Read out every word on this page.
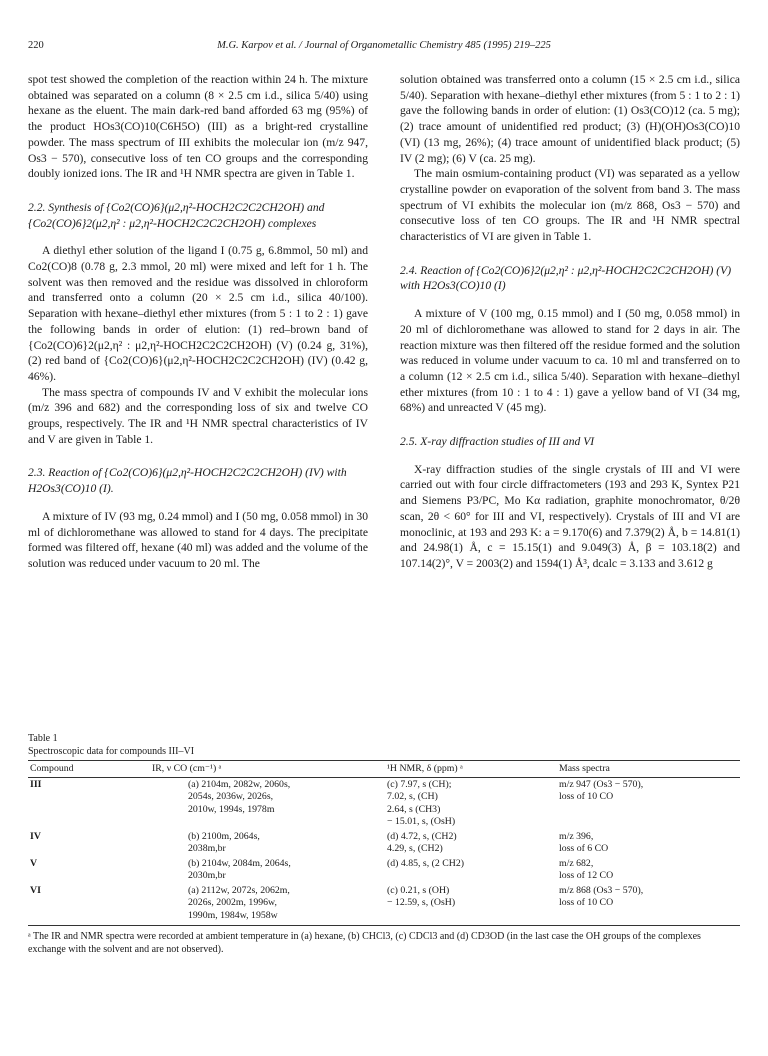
220	M.G. Karpov et al. / Journal of Organometallic Chemistry 485 (1995) 219–225

spot test showed the completion of the reaction within 24 h. The mixture obtained was separated on a column (8 × 2.5 cm i.d., silica 5/40) using hexane as the eluent. The main dark-red band afforded 63 mg (95%) of the product HOs3(CO)10(C6H5O) (III) as a bright-red crystalline powder. The mass spectrum of III exhibits the molecular ion (m/z 947, Os3 − 570), consecutive loss of ten CO groups and the corresponding doubly ionized ions. The IR and ¹H NMR spectra are given in Table 1.

2.2. Synthesis of {Co2(CO)6}(μ2,η²-HOCH2C2C2CH2OH) and {Co2(CO)6}2(μ2,η² : μ2,η²-HOCH2C2C2CH2OH) complexes

A diethyl ether solution of the ligand I (0.75 g, 6.8mmol, 50 ml) and Co2(CO)8 (0.78 g, 2.3 mmol, 20 ml) were mixed and left for 1 h. The solvent was then removed and the residue was dissolved in chloroform and transferred onto a column (20 × 2.5 cm i.d., silica 40/100). Separation with hexane–diethyl ether mixtures (from 5 : 1 to 2 : 1) gave the following bands in order of elution: (1) red–brown band of {Co2(CO)6}2(μ2,η² : μ2,η²-HOCH2C2C2CH2OH) (V) (0.24 g, 31%), (2) red band of {Co2(CO)6}(μ2,η²-HOCH2C2C2CH2OH) (IV) (0.42 g, 46%).

The mass spectra of compounds IV and V exhibit the molecular ions (m/z 396 and 682) and the corresponding loss of six and twelve CO groups, respectively. The IR and ¹H NMR spectral characteristics of IV and V are given in Table 1.

2.3. Reaction of {Co2(CO)6}(μ2,η²-HOCH2C2C2CH2OH) (IV) with H2Os3(CO)10 (I).

A mixture of IV (93 mg, 0.24 mmol) and I (50 mg, 0.058 mmol) in 30 ml of dichloromethane was allowed to stand for 4 days. The precipitate formed was filtered off, hexane (40 ml) was added and the volume of the solution was reduced under vacuum to 20 ml. The

solution obtained was transferred onto a column (15 × 2.5 cm i.d., silica 5/40). Separation with hexane–diethyl ether mixtures (from 5 : 1 to 2 : 1) gave the following bands in order of elution: (1) Os3(CO)12 (ca. 5 mg); (2) trace amount of unidentified red product; (3) (H)(OH)Os3(CO)10 (VI) (13 mg, 26%); (4) trace amount of unidentified black product; (5) IV (2 mg); (6) V (ca. 25 mg).

The main osmium-containing product (VI) was separated as a yellow crystalline powder on evaporation of the solvent from band 3. The mass spectrum of VI exhibits the molecular ion (m/z 868, Os3 − 570) and consecutive loss of ten CO groups. The IR and ¹H NMR spectral characteristics of VI are given in Table 1.

2.4. Reaction of {Co2(CO)6}2(μ2,η² : μ2,η²-HOCH2C2C2CH2OH) (V) with H2Os3(CO)10 (I)

A mixture of V (100 mg, 0.15 mmol) and I (50 mg, 0.058 mmol) in 20 ml of dichloromethane was allowed to stand for 2 days in air. The reaction mixture was then filtered off the residue formed and the solution was reduced in volume under vacuum to ca. 10 ml and transferred on to a column (12 × 2.5 cm i.d., silica 5/40). Separation with hexane–diethyl ether mixtures (from 10 : 1 to 4 : 1) gave a yellow band of VI (34 mg, 68%) and unreacted V (45 mg).

2.5. X-ray diffraction studies of III and VI

X-ray diffraction studies of the single crystals of III and VI were carried out with four circle diffractometers (193 and 293 K, Syntex P21 and Siemens P3/PC, Mo Kα radiation, graphite monochromator, θ/2θ scan, 2θ < 60° for III and VI, respectively). Crystals of III and VI are monoclinic, at 193 and 293 K: a = 9.170(6) and 7.379(2) Å, b = 14.81(1) and 24.98(1) Å, c = 15.15(1) and 9.049(3) Å, β = 103.18(2) and 107.14(2)°, V = 2003(2) and 1594(1) Å³, dcalc = 3.133 and 3.612 g

Table 1

Spectroscopic data for compounds III–VI

Compound	IR, ν CO (cm⁻¹) ᵃ	¹H NMR, δ (ppm) ᵃ	Mass spectra
III	(a) 2104m, 2082w, 2060s,
2054s, 2036w, 2026s,
2010w, 1994s, 1978m	(c) 7.97, s (CH);
7.02, s, (CH)
2.64, s (CH3)
− 15.01, s, (OsH)	m/z 947 (Os3 − 570),
loss of 10 CO

IV	(b) 2100m, 2064s,
2038m,br	(d) 4.72, s, (CH2)
4.29, s, (CH2)	m/z 396,
loss of 6 CO

V	(b) 2104w, 2084m, 2064s,
2030m,br	(d) 4.85, s, (2 CH2)	m/z 682,
loss of 12 CO

VI	(a) 2112w, 2072s, 2062m,
2026s, 2002m, 1996w,
1990m, 1984w, 1958w	(c) 0.21, s (OH)
− 12.59, s, (OsH)	m/z 868 (Os3 − 570),
loss of 10 CO

ᵃ The IR and NMR spectra were recorded at ambient temperature in (a) hexane, (b) CHCl3, (c) CDCl3 and (d) CD3OD (in the last case the OH groups of the complexes exchange with the solvent and are not observed).
